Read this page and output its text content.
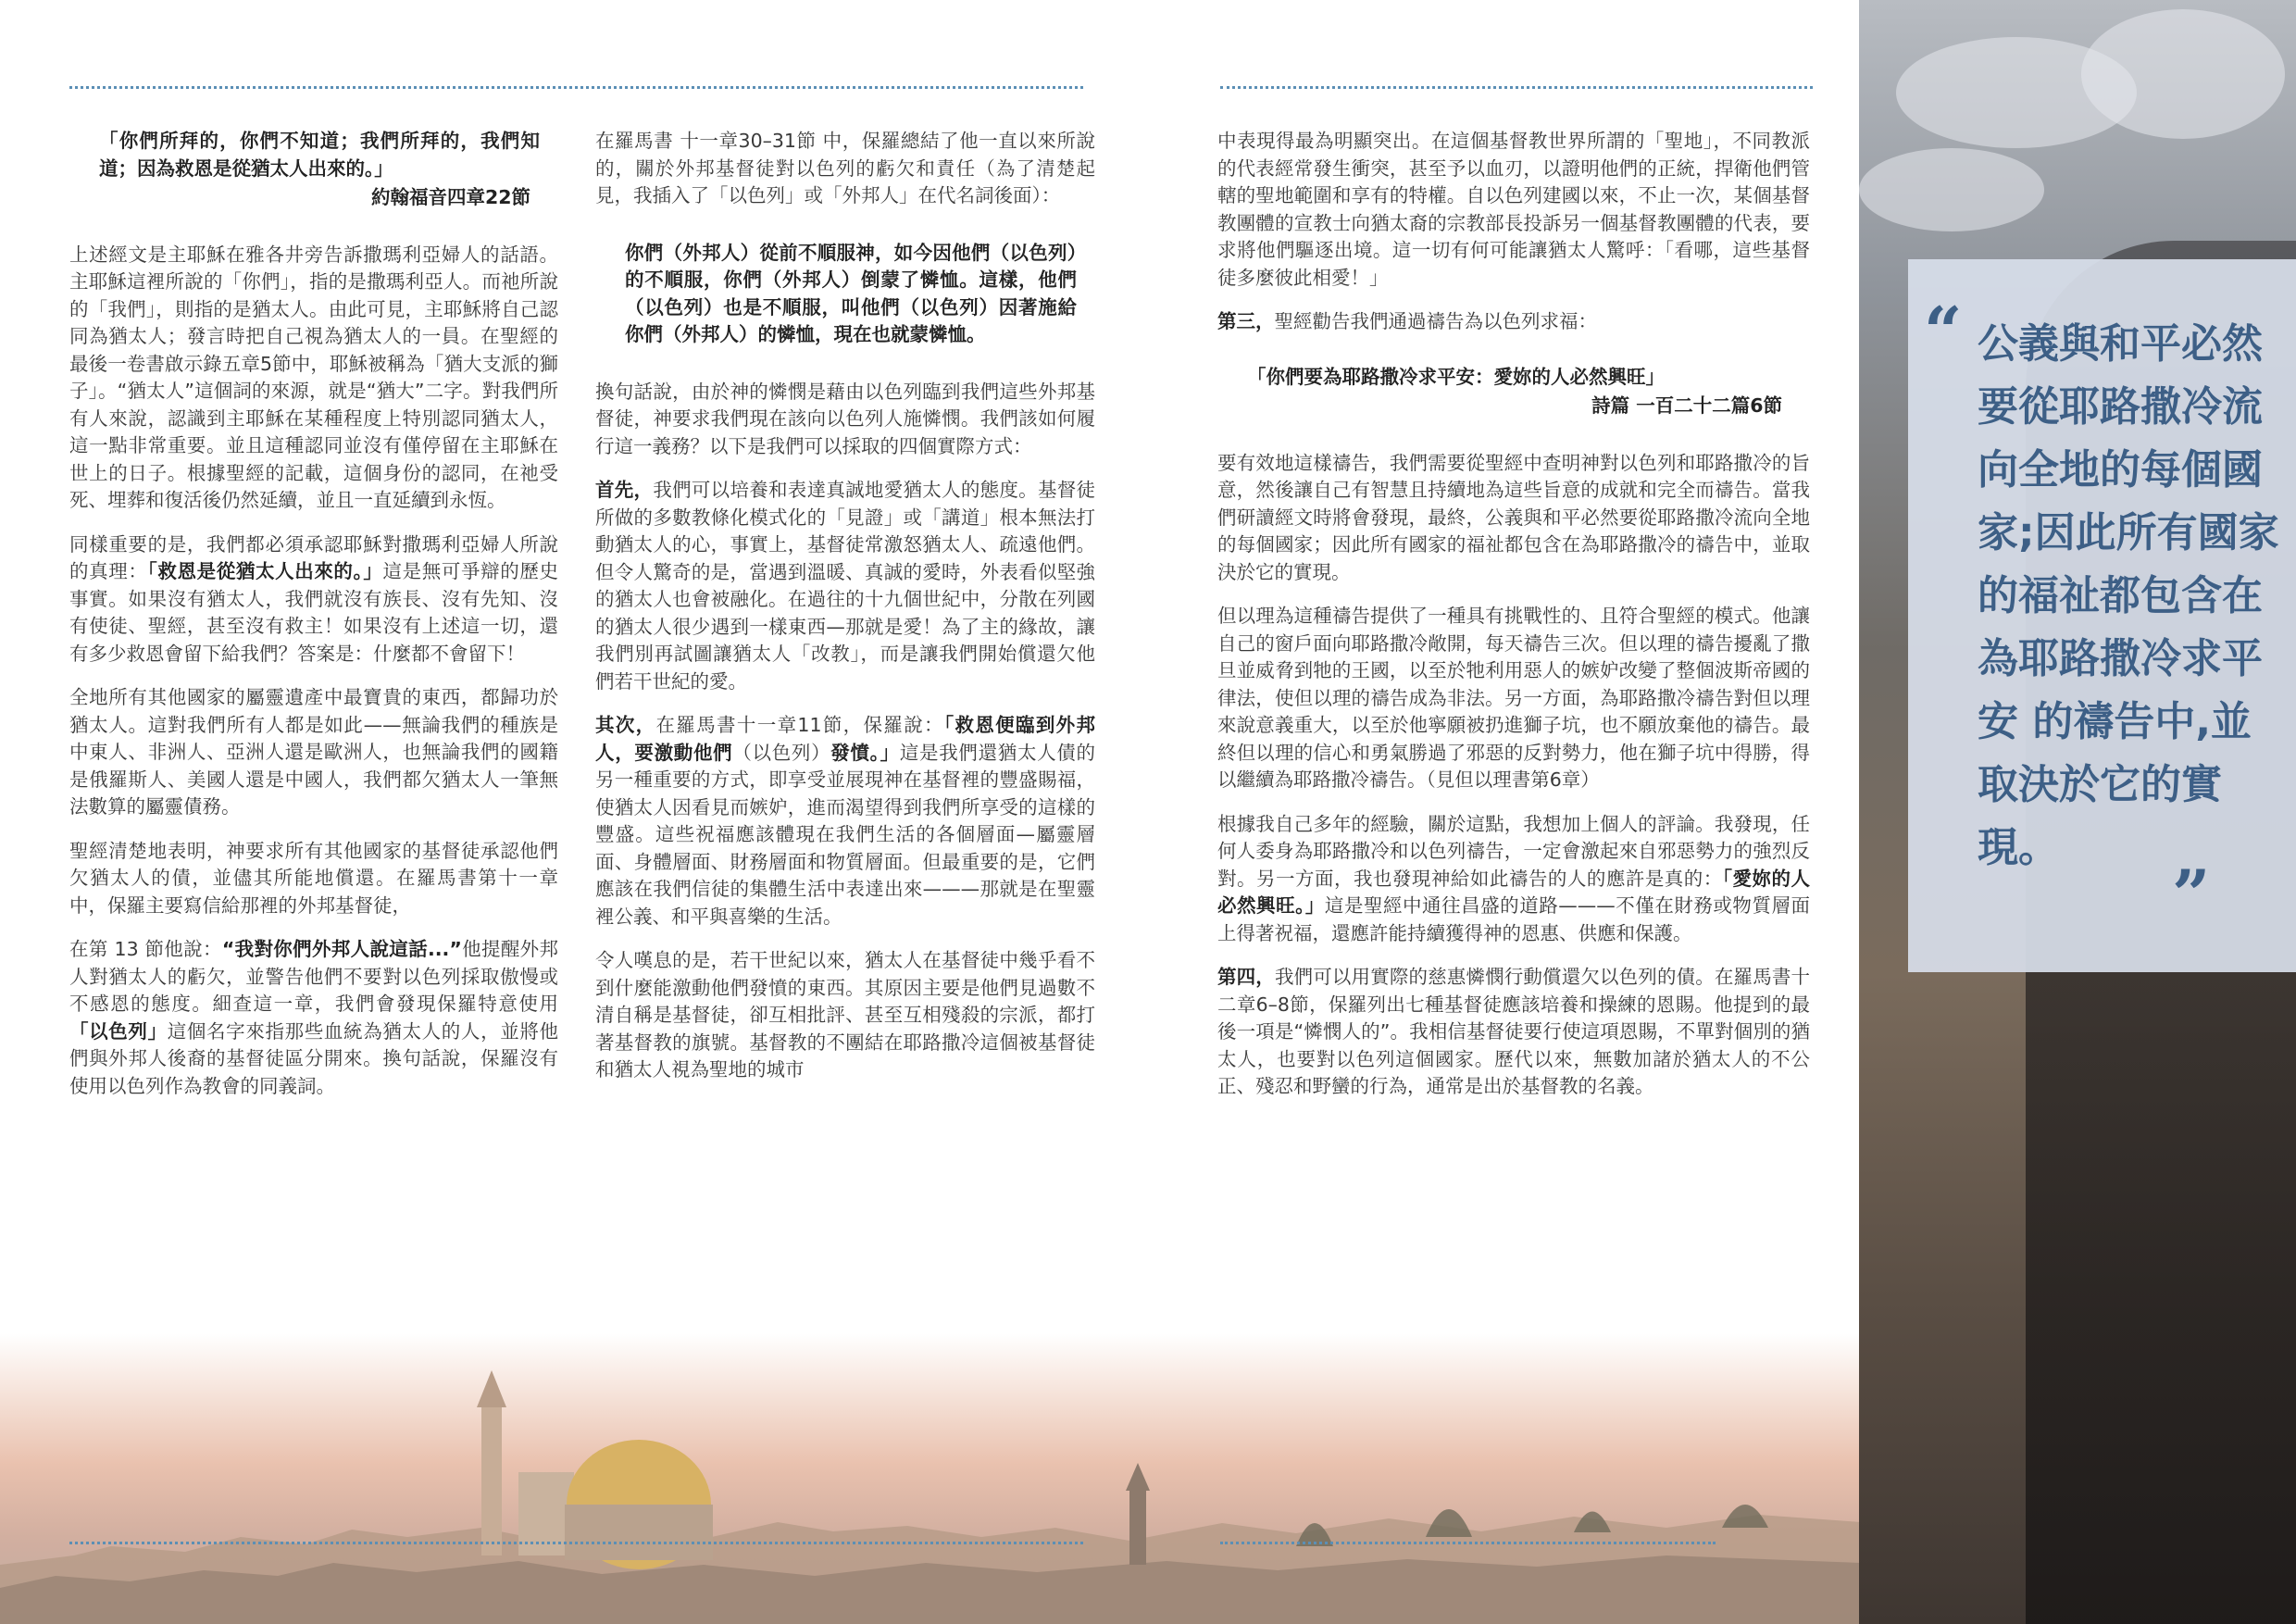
“ 公義與和平必然要從耶路撒冷流向全地的每個國家;因此所有國家的福祉都包含在為耶路撒冷求平安 的禱告中,並取決於它的實現。
”
「你們所拜的，你們不知道；我們所拜的，我們知道；因為救恩是從猶太人出來的。」
約翰福音四章22節

上述經文是主耶穌在雅各井旁告訴撒瑪利亞婦人的話語。主耶穌這裡所說的「你們」，指的是撒瑪利亞人。而祂所說的「我們」，則指的是猶太人。由此可見，主耶穌將自己認同為猶太人；發言時把自己視為猶太人的一員。在聖經的最後一卷書啟示錄五章5節中，耶穌被稱為「猶大支派的獅子」。“猶太人”這個詞的來源，就是“猶大”二字。對我們所有人來說，認識到主耶穌在某種程度上特別認同猶太人，這一點非常重要。並且這種認同並沒有僅停留在主耶穌在世上的日子。根據聖經的記載，這個身份的認同，在祂受死、埋葬和復活後仍然延續，並且一直延續到永恆。

同樣重要的是，我們都必須承認耶穌對撒瑪利亞婦人所說的真理：「救恩是從猶太人出來的。」這是無可爭辯的歷史事實。如果沒有猶太人，我們就沒有族長、沒有先知、沒有使徒、聖經，甚至沒有救主！如果沒有上述這一切，還有多少救恩會留下給我們？答案是：什麼都不會留下！

全地所有其他國家的屬靈遺產中最寶貴的東西，都歸功於猶太人。這對我們所有人都是如此——無論我們的種族是中東人、非洲人、亞洲人還是歐洲人，也無論我們的國籍是俄羅斯人、美國人還是中國人，我們都欠猶太人一筆無法數算的屬靈債務。

聖經清楚地表明，神要求所有其他國家的基督徒承認他們欠猶太人的債，並儘其所能地償還。在羅馬書第十一章中，保羅主要寫信給那裡的外邦基督徒，

在第 13 節他說：“我對你們外邦人說這話...”他提醒外邦人對猶太人的虧欠，並警告他們不要對以色列採取傲慢或不感恩的態度。細查這一章，我們會發現保羅特意使用「以色列」這個名字來指那些血統為猶太人的人，並將他們與外邦人後裔的基督徒區分開來。換句話說，保羅沒有使用以色列作為教會的同義詞。

在羅馬書 十一章30–31節 中，保羅總結了他一直以來所說的，關於外邦基督徒對以色列的虧欠和責任（為了清楚起見，我插入了「以色列」或「外邦人」在代名詞後面）：

你們（外邦人）從前不順服神，如今因他們（以色列）的不順服，你們（外邦人）倒蒙了憐恤。這樣，他們（以色列）也是不順服，叫他們（以色列）因著施給你們（外邦人）的憐恤，現在也就蒙憐恤。

換句話說，由於神的憐憫是藉由以色列臨到我們這些外邦基督徒，神要求我們現在該向以色列人施憐憫。我們該如何履行這一義務？以下是我們可以採取的四個實際方式：

首先，我們可以培養和表達真誠地愛猶太人的態度。基督徒所做的多數教條化模式化的「見證」或「講道」根本無法打動猶太人的心，事實上，基督徒常激怒猶太人、疏遠他們。但令人驚奇的是，當遇到溫暖、真誠的愛時，外表看似堅強的猶太人也會被融化。在過往的十九個世紀中，分散在列國的猶太人很少遇到一樣東西—那就是愛！為了主的緣故，讓我們別再試圖讓猶太人「改教」，而是讓我們開始償還欠他們若干世紀的愛。

其次，在羅馬書十一章11節，保羅說：「救恩便臨到外邦人，要激動他們（以色列）發憤。」這是我們還猶太人債的另一種重要的方式，即享受並展現神在基督裡的豐盛賜福，使猶太人因看見而嫉妒，進而渴望得到我們所享受的這樣的豐盛。這些祝福應該體現在我們生活的各個層面—屬靈層面、身體層面、財務層面和物質層面。但最重要的是，它們應該在我們信徒的集體生活中表達出來———那就是在聖靈裡公義、和平與喜樂的生活。

令人嘆息的是，若干世紀以來，猶太人在基督徒中幾乎看不到什麼能激動他們發憤的東西。其原因主要是他們見過數不清自稱是基督徒，卻互相批評、甚至互相殘殺的宗派，都打著基督教的旗號。基督教的不團結在耶路撒冷這個被基督徒和猶太人視為聖地的城市

中表現得最為明顯突出。在這個基督教世界所謂的「聖地」，不同教派的代表經常發生衝突，甚至予以血刃，以證明他們的正統，捍衛他們管轄的聖地範圍和享有的特權。自以色列建國以來，不止一次，某個基督教團體的宣教士向猶太裔的宗教部長投訴另一個基督教團體的代表，要求將他們驅逐出境。這一切有何可能讓猶太人驚呼：「看哪，這些基督徒多麼彼此相愛！」

第三，聖經勸告我們通過禱告為以色列求福：

「你們要為耶路撒冷求平安：愛妳的人必然興旺」
詩篇 一百二十二篇6節

要有效地這樣禱告，我們需要從聖經中查明神對以色列和耶路撒冷的旨意，然後讓自己有智慧且持續地為這些旨意的成就和完全而禱告。當我們研讀經文時將會發現，最終，公義與和平必然要從耶路撒冷流向全地的每個國家；因此所有國家的福祉都包含在為耶路撒冷的禱告中，並取決於它的實現。

但以理為這種禱告提供了一種具有挑戰性的、且符合聖經的模式。他讓自己的窗戶面向耶路撒冷敞開，每天禱告三次。但以理的禱告擾亂了撒旦並威脅到牠的王國，以至於牠利用惡人的嫉妒改變了整個波斯帝國的律法，使但以理的禱告成為非法。另一方面，為耶路撒冷禱告對但以理來說意義重大，以至於他寧願被扔進獅子坑，也不願放棄他的禱告。最終但以理的信心和勇氣勝過了邪惡的反對勢力，他在獅子坑中得勝，得以繼續為耶路撒冷禱告。（見但以理書第6章）

根據我自己多年的經驗，關於這點，我想加上個人的評論。我發現，任何人委身為耶路撒冷和以色列禱告，一定會激起來自邪惡勢力的強烈反對。另一方面，我也發現神給如此禱告的人的應許是真的：「愛妳的人必然興旺。」這是聖經中通往昌盛的道路———不僅在財務或物質層面上得著祝福，還應許能持續獲得神的恩惠、供應和保護。

第四，我們可以用實際的慈惠憐憫行動償還欠以色列的債。在羅馬書十二章6–8節，保羅列出七種基督徒應該培養和操練的恩賜。他提到的最後一項是“憐憫人的”。我相信基督徒要行使這項恩賜，不單對個別的猶太人，也要對以色列這個國家。歷代以來，無數加諸於猶太人的不公正、殘忍和野蠻的行為，通常是出於基督教的名義。
